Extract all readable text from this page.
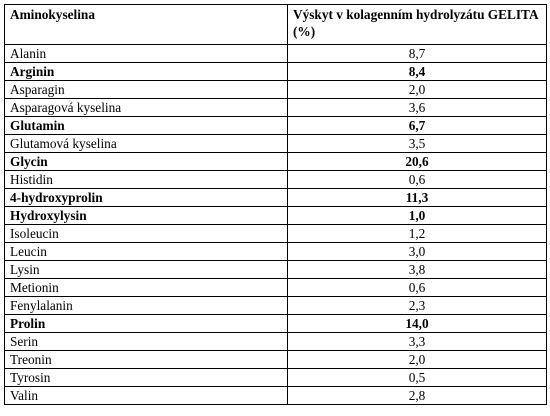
Aminokyselina	Výskyt v kolagenním hydrolyzátu GELITA (%)
Alanin	8,7
Arginin	8,4
Asparagin	2,0
Asparagová kyselina	3,6
Glutamin	6,7
Glutamová kyselina	3,5
Glycin	20,6
Histidin	0,6
4-hydroxyprolin	11,3
Hydroxylysin	1,0
Isoleucin	1,2
Leucin	3,0
Lysin	3,8
Metionin	0,6
Fenylalanin	2,3
Prolin	14,0
Serin	3,3
Treonin	2,0
Tyrosin	0,5
Valin	2,8
